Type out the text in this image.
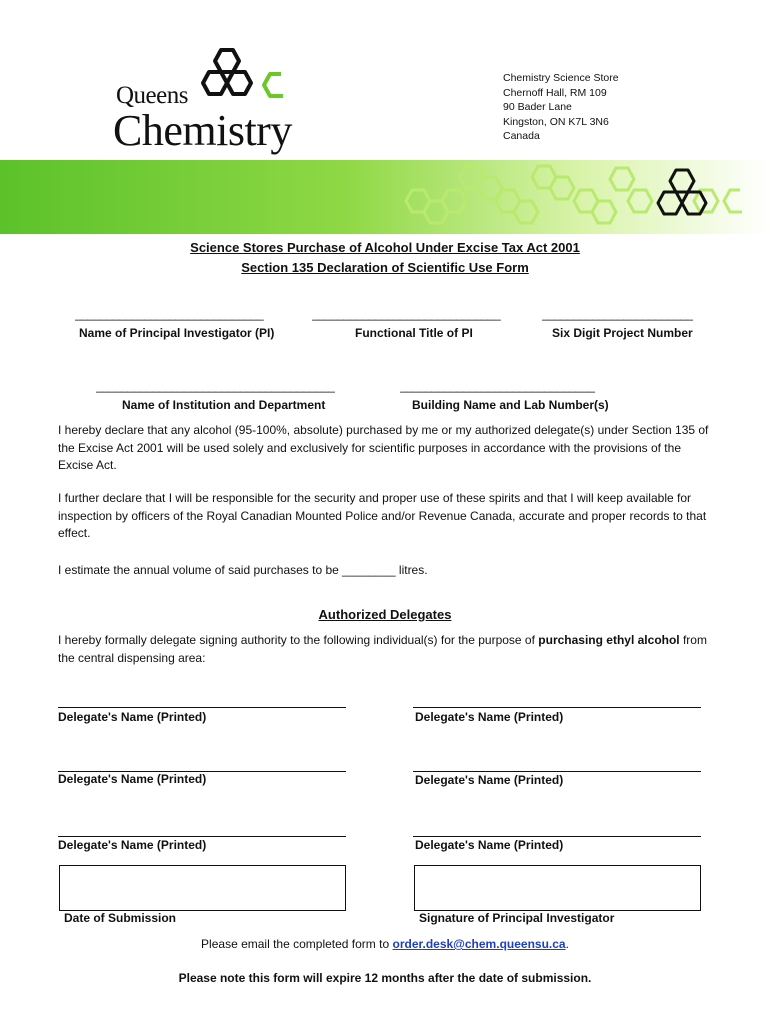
Queens
Chemistry
Chemistry Science Store
Chernoff Hall, RM 109
90 Bader Lane
Kingston, ON K7L 3N6
Canada
Science Stores Purchase of Alcohol Under Excise Tax Act 2001
Section 135 Declaration of Scientific Use Form
______________________________	______________________________	________________________
Name of Principal Investigator (PI)	Functional Title of PI	Six Digit Project Number
______________________________________	_______________________________
Name of Institution and Department	Building Name and Lab Number(s)
I hereby declare that any alcohol (95-100%, absolute) purchased by me or my authorized delegate(s) under Section 135 of the Excise Act 2001 will be used solely and exclusively for scientific purposes in accordance with the provisions of the Excise Act.
I further declare that I will be responsible for the security and proper use of these spirits and that I will keep available for inspection by officers of the Royal Canadian Mounted Police and/or Revenue Canada, accurate and proper records to that effect.
I estimate the annual volume of said purchases to be ________ litres.
Authorized Delegates
I hereby formally delegate signing authority to the following individual(s) for the purpose of purchasing ethyl alcohol from the central dispensing area:
Delegate's Name (Printed)	Delegate's Name (Printed)
Delegate's Name (Printed)	Delegate's Name (Printed)
Delegate's Name (Printed)	Delegate's Name (Printed)
Date of Submission	Signature of Principal Investigator
Please email the completed form to order.desk@chem.queensu.ca.
Please note this form will expire 12 months after the date of submission.
